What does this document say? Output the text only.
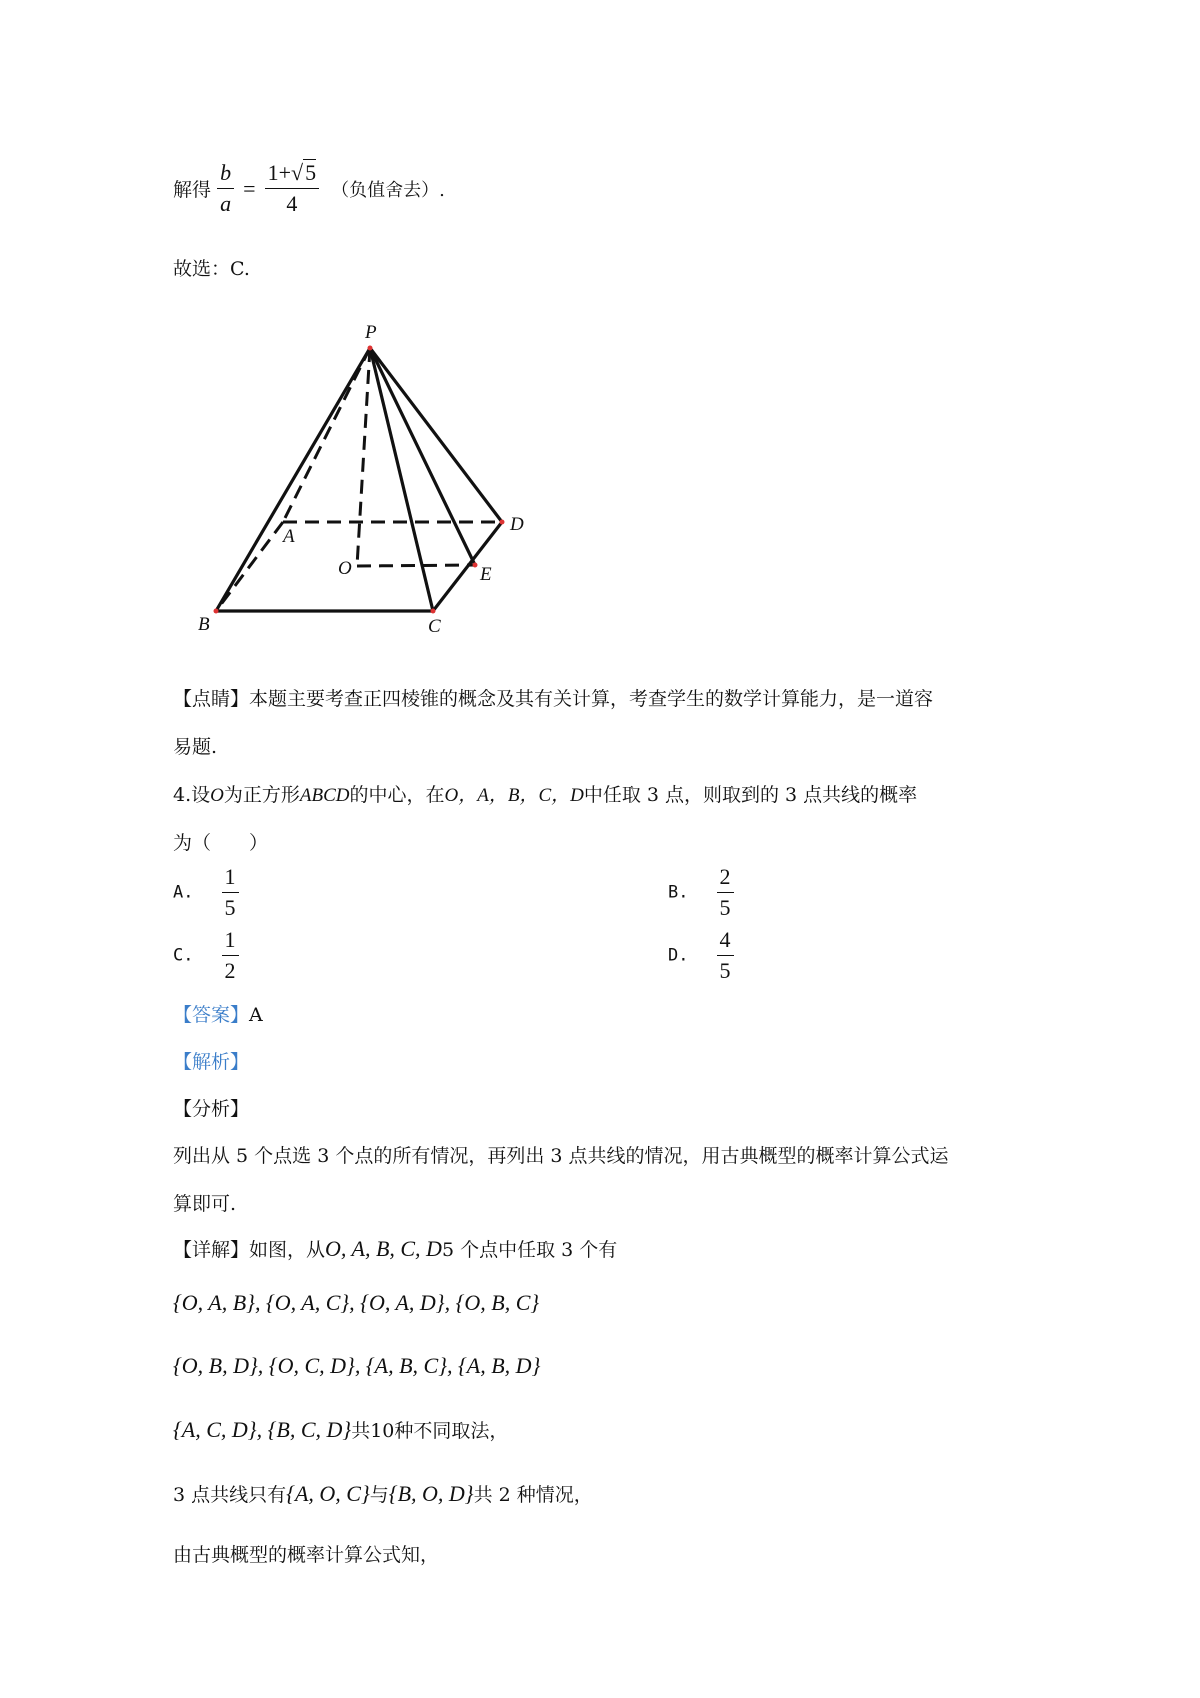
解得 $\frac{b}{a} = \frac{1+√5}{4}$ （负值舍去）.
故选：C.
P
A
B	C
D
O	E
【点睛】本题主要考查正四棱锥的概念及其有关计算，考查学生的数学计算能力，是一道容
易题.
4.设O为正方形ABCD的中心，在O，A，B，C，D中任取 3 点，则取到的 3 点共线的概率
为（　　）
A. $\frac{1}{5}$	B. $\frac{2}{5}$
C. $\frac{1}{2}$	D. $\frac{4}{5}$
【答案】A
【解析】
【分析】
列出从 5 个点选 3 个点的所有情况，再列出 3 点共线的情况，用古典概型的概率计算公式运
算即可.
【详解】如图，从O, A, B, C, D5 个点中任取 3 个有
{O, A, B}, {O, A, C}, {O, A, D}, {O, B, C}
{O, B, D}, {O, C, D}, {A, B, C}, {A, B, D}
{A, C, D}, {B, C, D}共10种不同取法，
3 点共线只有{A, O, C}与{B, O, D}共 2 种情况，
由古典概型的概率计算公式知，
